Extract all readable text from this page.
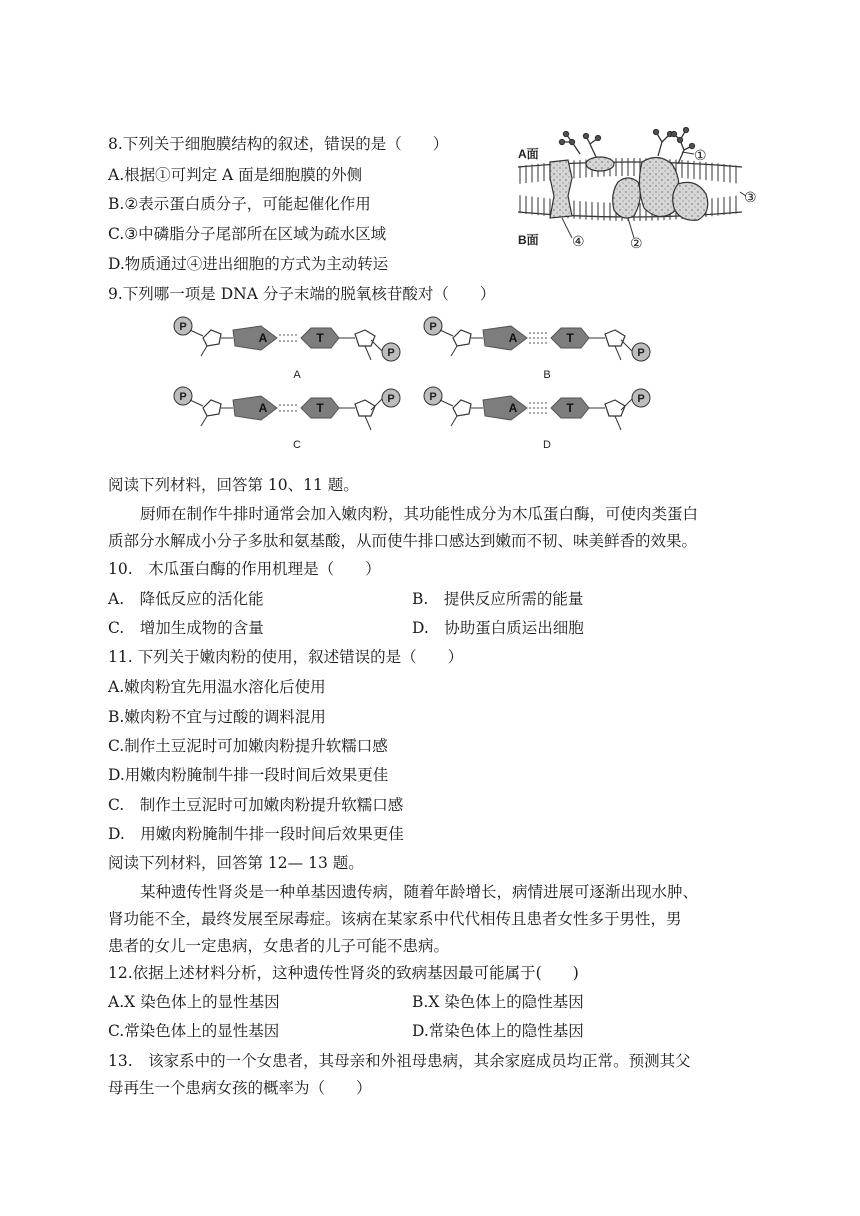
8.下列关于细胞膜结构的叙述，错误的是（　　）
A.根据①可判定 A 面是细胞膜的外侧
B.②表示蛋白质分子，可能起催化作用
C.③中磷脂分子尾部所在区域为疏水区域
D.物质通过④进出细胞的方式为主动转运
A面
B面
①
②
③
④
9.下列哪一项是 DNA 分子末端的脱氧核苷酸对（　　）
P
A	T
P
A
P
A	T
P
B
P
A	T
P
C
P
A	T
P
D
阅读下列材料，回答第 10、11 题。
厨师在制作牛排时通常会加入嫩肉粉，其功能性成分为木瓜蛋白酶，可使肉类蛋白
质部分水解成小分子多肽和氨基酸，从而使牛排口感达到嫩而不韧、味美鲜香的效果。
10.　木瓜蛋白酶的作用机理是（　　）
A.　降低反应的活化能	B.　提供反应所需的能量
C.　增加生成物的含量	D.　协助蛋白质运出细胞
11. 下列关于嫩肉粉的使用，叙述错误的是（　　）
A.嫩肉粉宜先用温水溶化后使用
B.嫩肉粉不宜与过酸的调料混用
C.制作土豆泥时可加嫩肉粉提升软糯口感
D.用嫩肉粉腌制牛排一段时间后效果更佳
C.　制作土豆泥时可加嫩肉粉提升软糯口感
D.　用嫩肉粉腌制牛排一段时间后效果更佳
阅读下列材料，回答第 12— 13 题。
某种遗传性肾炎是一种单基因遗传病，随着年龄增长，病情进展可逐渐出现水肿、
肾功能不全，最终发展至尿毒症。该病在某家系中代代相传且患者女性多于男性，男
患者的女儿一定患病，女患者的儿子可能不患病。
12.依据上述材料分析，这种遗传性肾炎的致病基因最可能属于(　　)
A.X 染色体上的显性基因	B.X 染色体上的隐性基因
C.常染色体上的显性基因	D.常染色体上的隐性基因
13.　该家系中的一个女患者，其母亲和外祖母患病，其余家庭成员均正常。预测其父
母再生一个患病女孩的概率为（　　）
